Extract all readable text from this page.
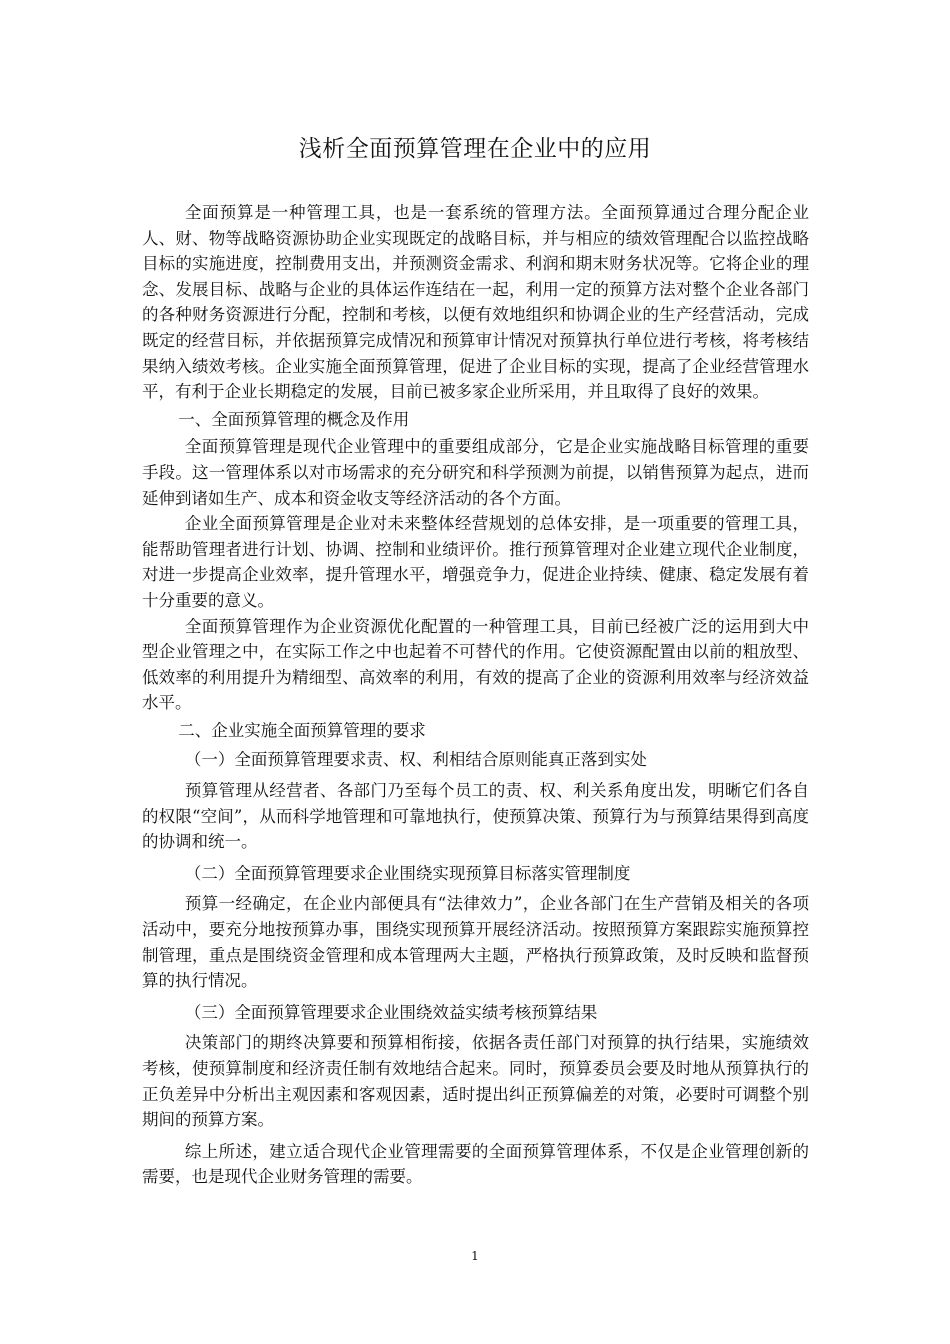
浅析全面预算管理在企业中的应用

全面预算是一种管理工具，也是一套系统的管理方法。全面预算通过合理分配企业人、财、物等战略资源协助企业实现既定的战略目标，并与相应的绩效管理配合以监控战略目标的实施进度，控制费用支出，并预测资金需求、利润和期末财务状况等。它将企业的理念、发展目标、战略与企业的具体运作连结在一起，利用一定的预算方法对整个企业各部门的各种财务资源进行分配，控制和考核，以便有效地组织和协调企业的生产经营活动，完成既定的经营目标，并依据预算完成情况和预算审计情况对预算执行单位进行考核，将考核结果纳入绩效考核。企业实施全面预算管理，促进了企业目标的实现，提高了企业经营管理水平，有利于企业长期稳定的发展，目前已被多家企业所采用，并且取得了良好的效果。

一、全面预算管理的概念及作用

全面预算管理是现代企业管理中的重要组成部分，它是企业实施战略目标管理的重要手段。这一管理体系以对市场需求的充分研究和科学预测为前提，以销售预算为起点，进而延伸到诸如生产、成本和资金收支等经济活动的各个方面。

企业全面预算管理是企业对未来整体经营规划的总体安排，是一项重要的管理工具，能帮助管理者进行计划、协调、控制和业绩评价。推行预算管理对企业建立现代企业制度，对进一步提高企业效率，提升管理水平，增强竞争力，促进企业持续、健康、稳定发展有着十分重要的意义。

全面预算管理作为企业资源优化配置的一种管理工具，目前已经被广泛的运用到大中型企业管理之中，在实际工作之中也起着不可替代的作用。它使资源配置由以前的粗放型、低效率的利用提升为精细型、高效率的利用，有效的提高了企业的资源利用效率与经济效益水平。

二、企业实施全面预算管理的要求

（一）全面预算管理要求责、权、利相结合原则能真正落到实处

预算管理从经营者、各部门乃至每个员工的责、权、利关系角度出发，明晰它们各自的权限“空间”，从而科学地管理和可靠地执行，使预算决策、预算行为与预算结果得到高度的协调和统一。

（二）全面预算管理要求企业围绕实现预算目标落实管理制度

预算一经确定，在企业内部便具有“法律效力”，企业各部门在生产营销及相关的各项活动中，要充分地按预算办事，围绕实现预算开展经济活动。按照预算方案跟踪实施预算控制管理，重点是围绕资金管理和成本管理两大主题，严格执行预算政策，及时反映和监督预算的执行情况。

（三）全面预算管理要求企业围绕效益实绩考核预算结果

决策部门的期终决算要和预算相衔接，依据各责任部门对预算的执行结果，实施绩效考核，使预算制度和经济责任制有效地结合起来。同时，预算委员会要及时地从预算执行的正负差异中分析出主观因素和客观因素，适时提出纠正预算偏差的对策，必要时可调整个别期间的预算方案。

综上所述，建立适合现代企业管理需要的全面预算管理体系，不仅是企业管理创新的需要，也是现代企业财务管理的需要。

1
